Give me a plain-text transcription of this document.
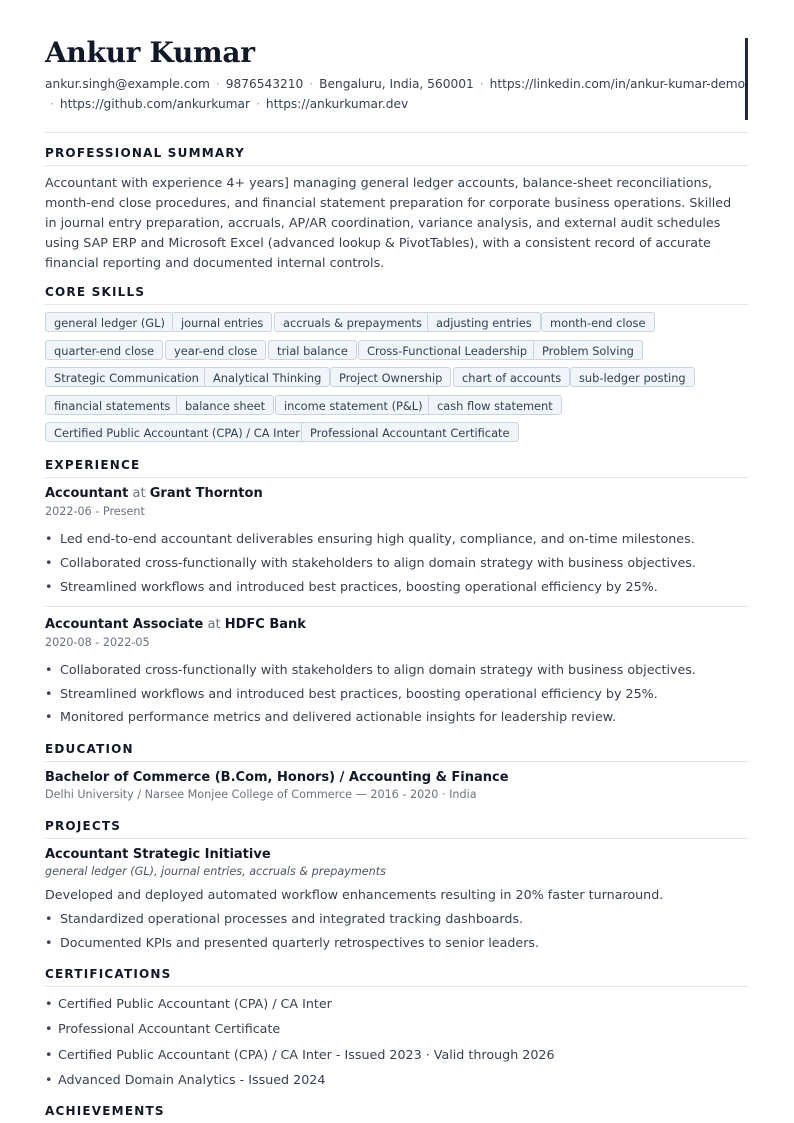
Ankur Kumar
ankur.singh@example.com · 9876543210 · Bengaluru, India, 560001 · https://linkedin.com/in/ankur-kumar-demo
· https://github.com/ankurkumar · https://ankurkumar.dev
PROFESSIONAL SUMMARY
Accountant with experience 4+ years] managing general ledger accounts, balance-sheet reconciliations, month-end close procedures, and financial statement preparation for corporate business operations. Skilled in journal entry preparation, accruals, AP/AR coordination, variance analysis, and external audit schedules using SAP ERP and Microsoft Excel (advanced lookup & PivotTables), with a consistent record of accurate financial reporting and documented internal controls.
CORE SKILLS
general ledger (GL)	journal entries	accruals & prepayments	adjusting entries	month-end close
quarter-end close	year-end close	trial balance	Cross-Functional Leadership	Problem Solving
Strategic Communication	Analytical Thinking	Project Ownership	chart of accounts	sub-ledger posting
financial statements	balance sheet	income statement (P&L)	cash flow statement
Certified Public Accountant (CPA) / CA Inter Professional Accountant Certificate
EXPERIENCE
Accountant at Grant Thornton
2022-06 - Present
• Led end-to-end accountant deliverables ensuring high quality, compliance, and on-time milestones.
• Collaborated cross-functionally with stakeholders to align domain strategy with business objectives.
• Streamlined workflows and introduced best practices, boosting operational efficiency by 25%.
Accountant Associate at HDFC Bank
2020-08 - 2022-05
• Collaborated cross-functionally with stakeholders to align domain strategy with business objectives.
• Streamlined workflows and introduced best practices, boosting operational efficiency by 25%.
• Monitored performance metrics and delivered actionable insights for leadership review.
EDUCATION
Bachelor of Commerce (B.Com, Honors) / Accounting & Finance
Delhi University / Narsee Monjee College of Commerce — 2016 - 2020 · India
PROJECTS
Accountant Strategic Initiative
general ledger (GL), journal entries, accruals & prepayments
Developed and deployed automated workflow enhancements resulting in 20% faster turnaround.
• Standardized operational processes and integrated tracking dashboards.
• Documented KPIs and presented quarterly retrospectives to senior leaders.
CERTIFICATIONS
• Certified Public Accountant (CPA) / CA Inter
• Professional Accountant Certificate
• Certified Public Accountant (CPA) / CA Inter - Issued 2023 · Valid through 2026
• Advanced Domain Analytics - Issued 2024
ACHIEVEMENTS
